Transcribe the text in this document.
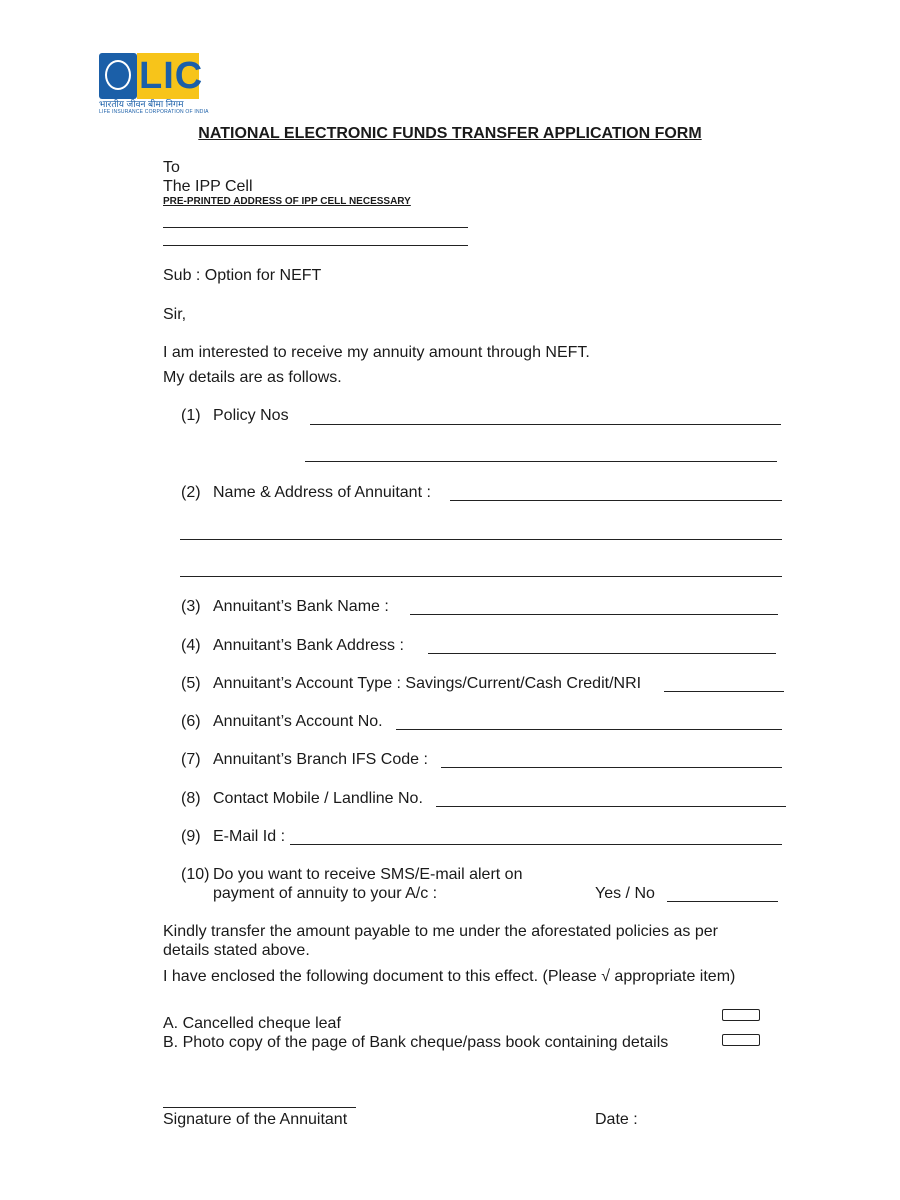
LIC
भारतीय जीवन बीमा निगम
LIFE INSURANCE CORPORATION OF INDIA
NATIONAL ELECTRONIC FUNDS TRANSFER APPLICATION FORM
To
The IPP Cell
PRE-PRINTED ADDRESS OF IPP CELL NECESSARY
Sub : Option for NEFT
Sir,
I am interested to receive my annuity amount through NEFT.
My details are as follows.
(1) Policy Nos
(2) Name & Address of Annuitant :
(3) Annuitant’s Bank Name :
(4) Annuitant’s Bank Address :
(5) Annuitant’s Account Type : Savings/Current/Cash Credit/NRI
(6) Annuitant’s Account No.
(7) Annuitant’s Branch IFS Code :
(8) Contact Mobile / Landline No.
(9) E-Mail Id :
(10) Do you want to receive SMS/E-mail alert on
payment of annuity to your A/c :	Yes / No
Kindly transfer the amount payable to me under the aforestated policies as per
details stated above.
I have enclosed the following document to this effect. (Please √ appropriate item)
A. Cancelled cheque leaf
B. Photo copy of the page of Bank cheque/pass book containing details
Signature of the Annuitant	Date :
